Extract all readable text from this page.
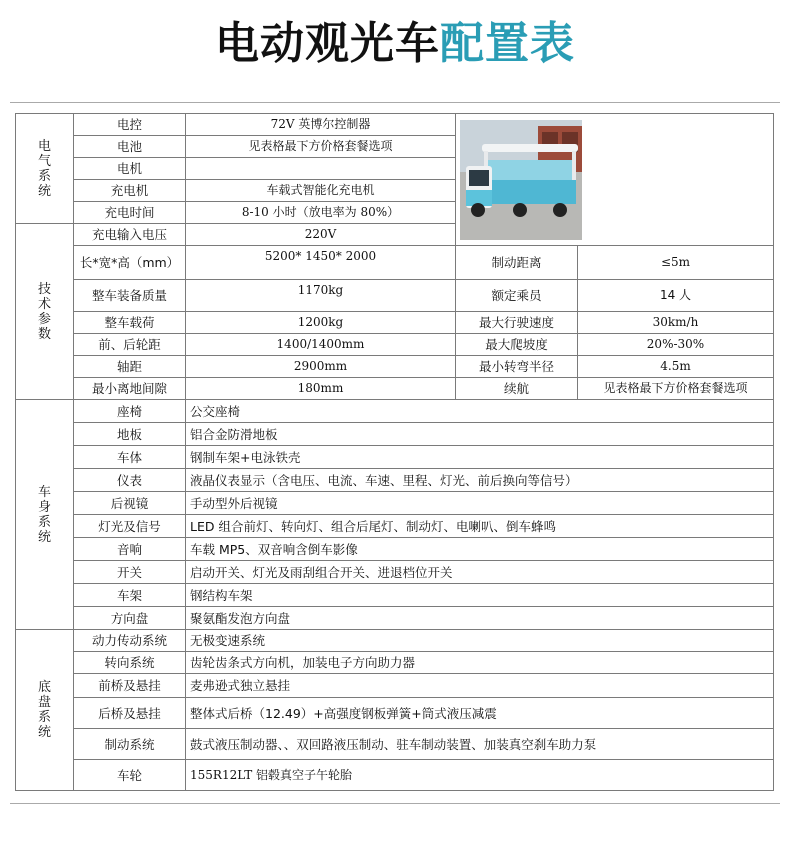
电动观光车配置表
电
气
系
统	电控	72V 英博尔控制器	

	电池	见表格最下方价格套餐选项		
	电机			
	充电机	车载式智能化充电机		
	充电时间	8-10 小时（放电率为 80%）		

技
术
参
数	充电输入电压	220V		
	长*宽*高（mm）	5200* 1450* 2000	制动距离	≤5m
	整车装备质量	1170kg	额定乘员	14 人
	整车载荷	1200kg	最大行驶速度	30km/h
	前、后轮距	1400/1400mm	最大爬坡度	20%-30%
	轴距	2900mm	最小转弯半径	4.5m
	最小离地间隙	180mm	续航	见表格最下方价格套餐选项

车
身
系
统	座椅	公交座椅		
	地板	铝合金防滑地板		
	车体	钢制车架+电泳铁壳		
	仪表	液晶仪表显示（含电压、电流、车速、里程、灯光、前后换向等信号）		
	后视镜	手动型外后视镜		
	灯光及信号	LED 组合前灯、转向灯、组合后尾灯、制动灯、电喇叭、倒车蜂鸣		
	音响	车载 MP5、双音响含倒车影像		
	开关	启动开关、灯光及雨刮组合开关、进退档位开关		
	车架	钢结构车架		
	方向盘	聚氨酯发泡方向盘		

底
盘
系
统	动力传动系统	无极变速系统		
	转向系统	齿轮齿条式方向机，加装电子方向助力器		
	前桥及悬挂	麦弗逊式独立悬挂		
	后桥及悬挂	整体式后桥（12.49）+高强度钢板弹簧+筒式液压减震		
	制动系统	鼓式液压制动器、、双回路液压制动、驻车制动装置、加装真空刹车助力泵		
	车轮	155R12LT 铝毂真空子午轮胎		
